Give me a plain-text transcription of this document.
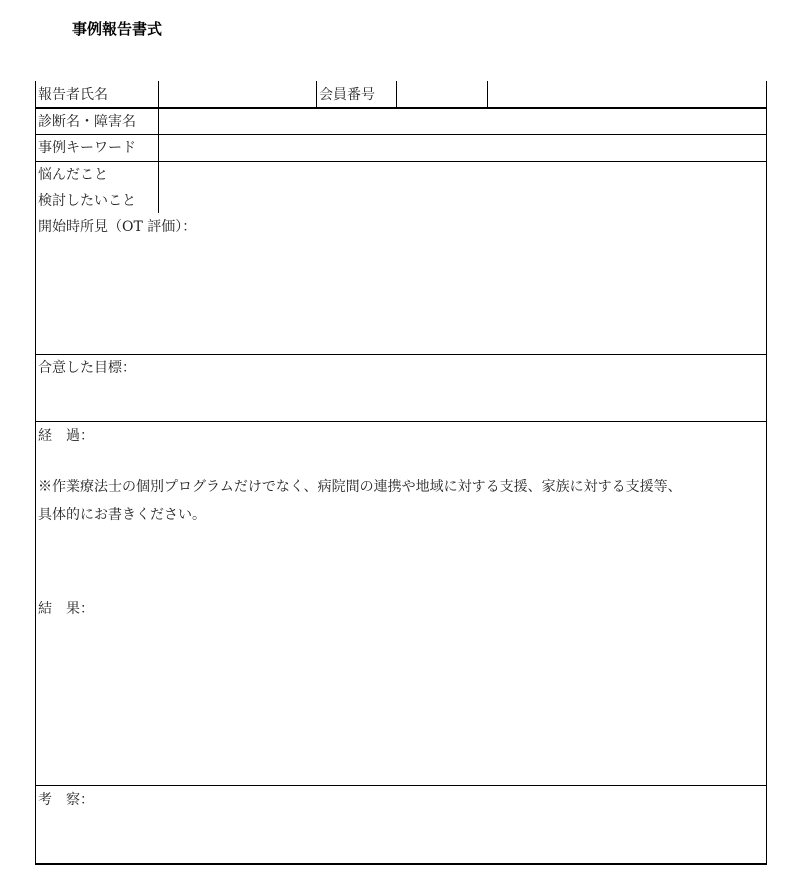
事例報告書式
報告者氏名	会員番号
診断名・障害名
事例キーワード
悩んだこと
検討したいこと
開始時所見（OT 評価）：
合意した目標：
経　過：
※作業療法士の個別プログラムだけでなく、病院間の連携や地域に対する支援、家族に対する支援等、
具体的にお書きください。
結　果：
考　察：
